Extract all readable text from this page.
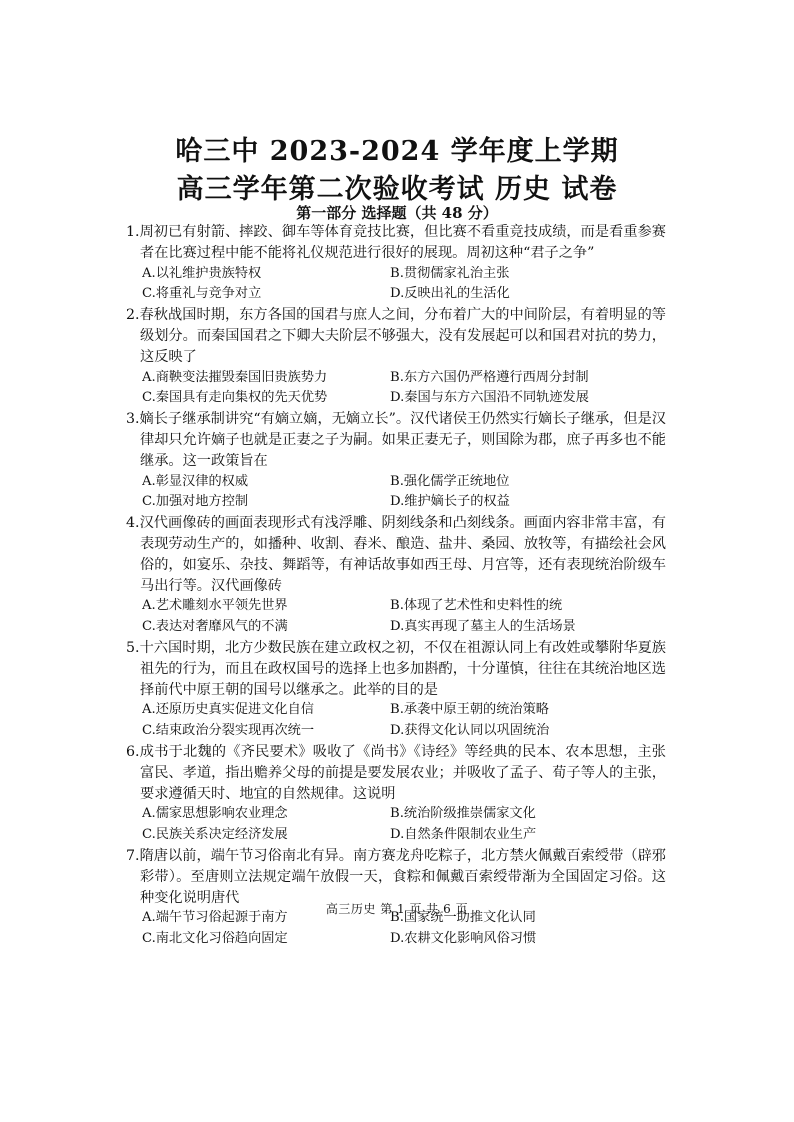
哈三中 2023-2024 学年度上学期
高三学年第二次验收考试 历史 试卷
第一部分 选择题（共 48 分）
1.周初已有射箭、摔跤、御车等体育竞技比赛，但比赛不看重竞技成绩，而是看重参赛者在比赛过程中能不能将礼仪规范进行很好的展现。周初这种“君子之争”
A.以礼维护贵族特权	B.贯彻儒家礼治主张
C.将重礼与竞争对立	D.反映出礼的生活化
2.春秋战国时期，东方各国的国君与庶人之间，分布着广大的中间阶层，有着明显的等级划分。而秦国国君之下卿大夫阶层不够强大，没有发展起可以和国君对抗的势力，这反映了
A.商鞅变法摧毁秦国旧贵族势力	B.东方六国仍严格遵行西周分封制
C.秦国具有走向集权的先天优势	D.秦国与东方六国沿不同轨迹发展
3.嫡长子继承制讲究“有嫡立嫡，无嫡立长”。汉代诸侯王仍然实行嫡长子继承，但是汉律却只允许嫡子也就是正妻之子为嗣。如果正妻无子，则国除为郡，庶子再多也不能继承。这一政策旨在
A.彰显汉律的权威	B.强化儒学正统地位
C.加强对地方控制	D.维护嫡长子的权益
4.汉代画像砖的画面表现形式有浅浮雕、阴刻线条和凸刻线条。画面内容非常丰富，有表现劳动生产的，如播种、收割、舂米、酿造、盐井、桑园、放牧等，有描绘社会风俗的，如宴乐、杂技、舞蹈等，有神话故事如西王母、月宫等，还有表现统治阶级车马出行等。汉代画像砖
A.艺术雕刻水平领先世界	B.体现了艺术性和史料性的统
C.表达对奢靡风气的不满	D.真实再现了墓主人的生活场景
5.十六国时期，北方少数民族在建立政权之初，不仅在祖源认同上有改姓或攀附华夏族祖先的行为，而且在政权国号的选择上也多加斟酌，十分谨慎，往往在其统治地区选择前代中原王朝的国号以继承之。此举的目的是
A.还原历史真实促进文化自信	B.承袭中原王朝的统治策略
C.结束政治分裂实现再次统一	D.获得文化认同以巩固统治
6.成书于北魏的《齐民要术》吸收了《尚书》《诗经》等经典的民本、农本思想，主张富民、孝道，指出赡养父母的前提是要发展农业；并吸收了孟子、荀子等人的主张，要求遵循天时、地宜的自然规律。这说明
A.儒家思想影响农业理念	B.统治阶级推崇儒家文化
C.民族关系决定经济发展	D.自然条件限制农业生产
7.隋唐以前，端午节习俗南北有异。南方赛龙舟吃粽子，北方禁火佩戴百索绶带（辟邪彩带）。至唐则立法规定端午放假一天，食粽和佩戴百索绶带渐为全国固定习俗。这种变化说明唐代
A.端午节习俗起源于南方	B.国家统一助推文化认同
C.南北文化习俗趋向固定	D.农耕文化影响风俗习惯
高三历史 第 1 页 共 6 页
